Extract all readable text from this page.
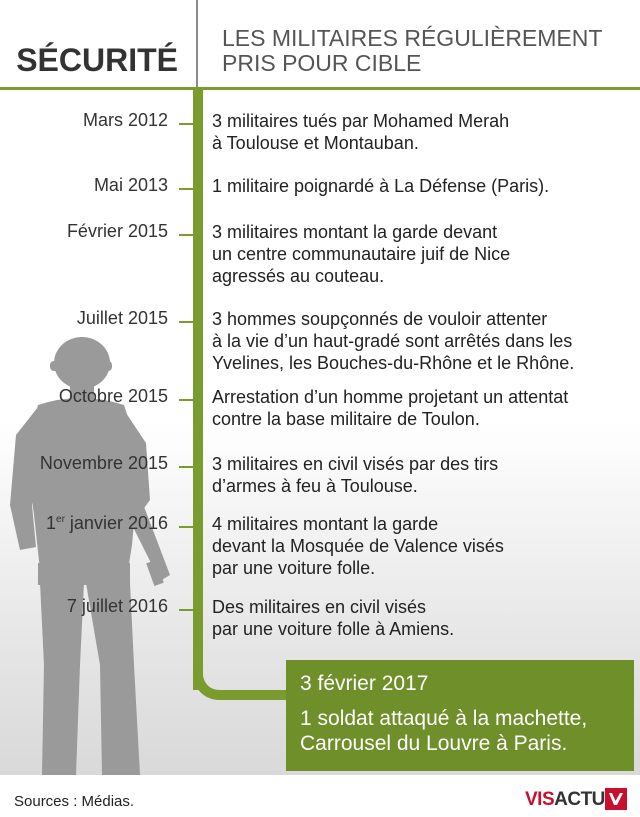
SÉCURITÉ
LES MILITAIRES RÉGULIÈREMENT
PRIS POUR CIBLE
Mars 2012 3 militaires tués par Mohamed Merah
à Toulouse et Montauban.
Mai 2013 1 militaire poignardé à La Défense (Paris).
Février 2015 3 militaires montant la garde devant
un centre communautaire juif de Nice
agressés au couteau.
Juillet 2015 3 hommes soupçonnés de vouloir attenter
à la vie d’un haut-gradé sont arrêtés dans les
Yvelines, les Bouches-du-Rhône et le Rhône.
Octobre 2015 Arrestation d’un homme projetant un attentat
contre la base militaire de Toulon.
Novembre 2015 3 militaires en civil visés par des tirs
d’armes à feu à Toulouse.
1er janvier 2016 4 militaires montant la garde
devant la Mosquée de Valence visés
par une voiture folle.
7 juillet 2016 Des militaires en civil visés
par une voiture folle à Amiens.
3 février 2017
1 soldat attaqué à la machette,
Carrousel du Louvre à Paris.
Sources : Médias.	VISACTU
